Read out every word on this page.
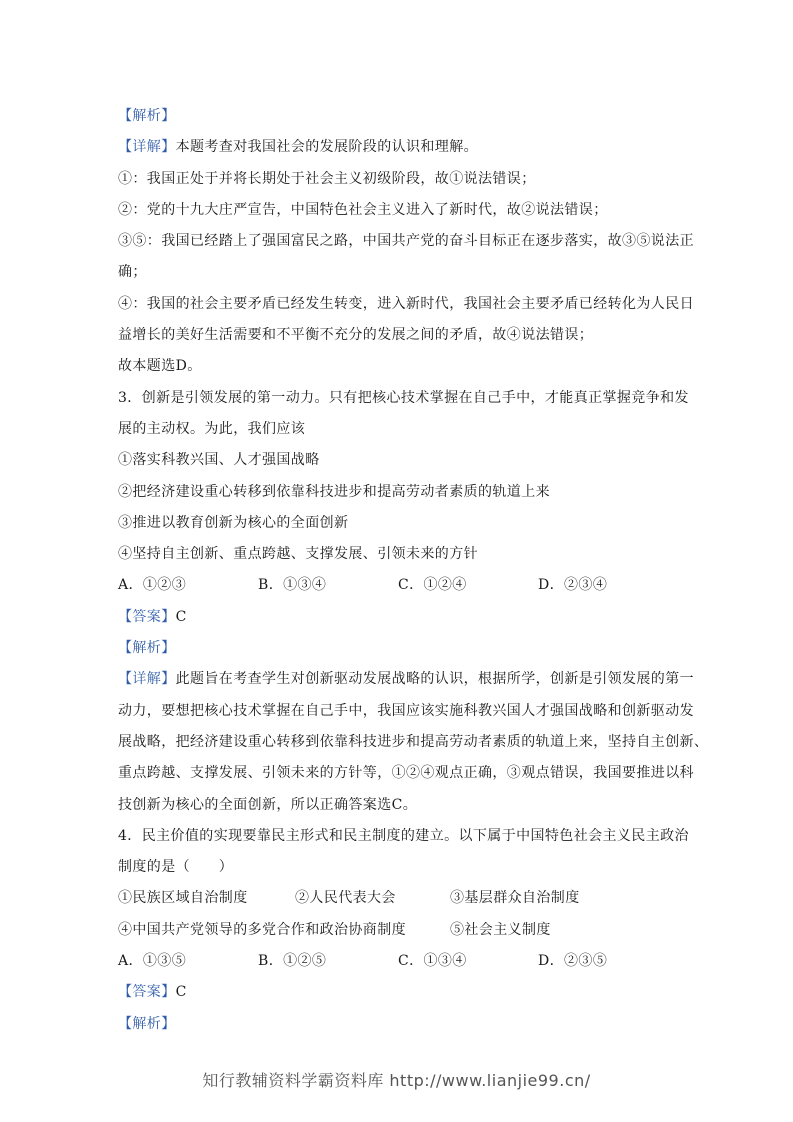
【解析】
【详解】本题考查对我国社会的发展阶段的认识和理解。
①：我国正处于并将长期处于社会主义初级阶段，故①说法错误；
②：党的十九大庄严宣告，中国特色社会主义进入了新时代，故②说法错误；
③⑤：我国已经踏上了强国富民之路，中国共产党的奋斗目标正在逐步落实，故③⑤说法正
确；
④：我国的社会主要矛盾已经发生转变，进入新时代，我国社会主要矛盾已经转化为人民日
益增长的美好生活需要和不平衡不充分的发展之间的矛盾，故④说法错误；
故本题选D。
3．创新是引领发展的第一动力。只有把核心技术掌握在自己手中，才能真正掌握竞争和发
展的主动权。为此，我们应该
①落实科教兴国、人才强国战略
②把经济建设重心转移到依靠科技进步和提高劳动者素质的轨道上来
③推进以教育创新为核心的全面创新
④坚持自主创新、重点跨越、支撑发展、引领未来的方针
A．①②③	B．①③④	C．①②④	D．②③④
【答案】C
【解析】
【详解】此题旨在考查学生对创新驱动发展战略的认识，根据所学，创新是引领发展的第一
动力，要想把核心技术掌握在自己手中，我国应该实施科教兴国人才强国战略和创新驱动发
展战略，把经济建设重心转移到依靠科技进步和提高劳动者素质的轨道上来，坚持自主创新、
重点跨越、支撑发展、引领未来的方针等，①②④观点正确，③观点错误，我国要推进以科
技创新为核心的全面创新，所以正确答案选C。
4．民主价值的实现要靠民主形式和民主制度的建立。以下属于中国特色社会主义民主政治
制度的是（　　）
①民族区域自治制度	②人民代表大会	③基层群众自治制度
④中国共产党领导的多党合作和政治协商制度	⑤社会主义制度
A．①③⑤	B．①②⑤	C．①③④	D．②③⑤
【答案】C
【解析】
知行教辅资料学霸资料库 http://www.lianjie99.cn/
